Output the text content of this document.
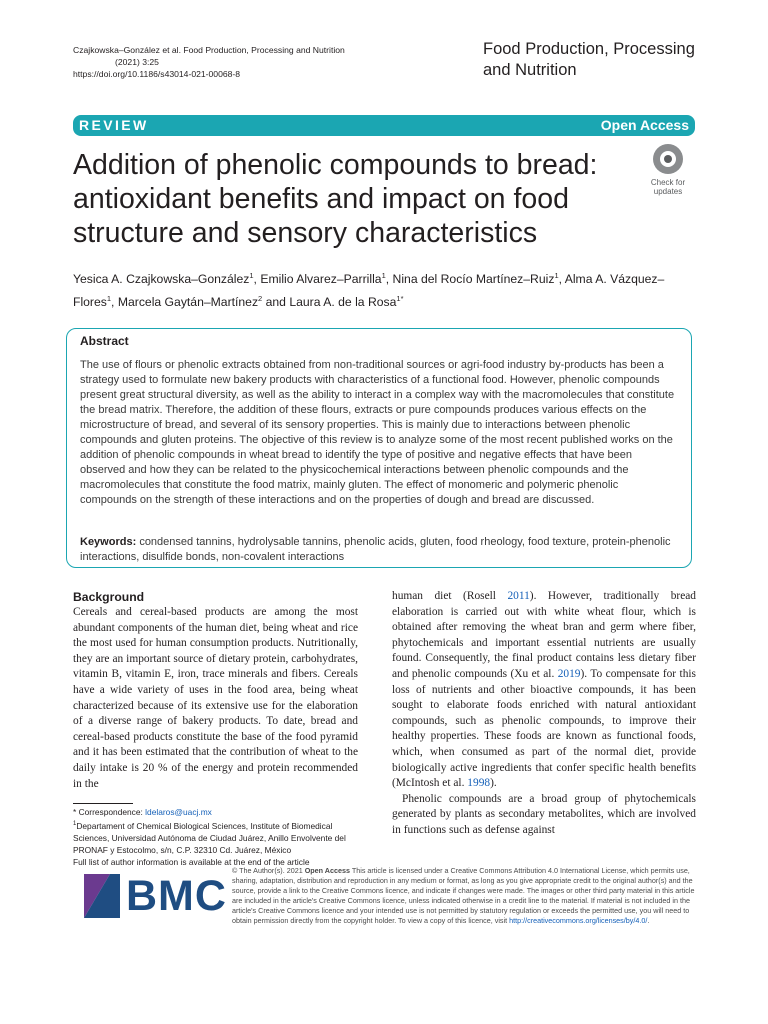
Czajkowska–González et al. Food Production, Processing and Nutrition
(2021) 3:25
https://doi.org/10.1186/s43014-021-00068-8
Food Production, Processing
and Nutrition
REVIEW	Open Access
Addition of phenolic compounds to bread: antioxidant benefits and impact on food structure and sensory characteristics
Check for
updates
Yesica A. Czajkowska–González$^1$, Emilio Alvarez–Parrilla$^1$, Nina del Rocío Martínez–Ruiz$^1$, Alma A. Vázquez–Flores$^1$, Marcela Gaytán–Martínez$^2$ and Laura A. de la Rosa$^{1*}$
Abstract
The use of flours or phenolic extracts obtained from non-traditional sources or agri-food industry by-products has been a strategy used to formulate new bakery products with characteristics of a functional food. However, phenolic compounds present great structural diversity, as well as the ability to interact in a complex way with the macromolecules that constitute the bread matrix. Therefore, the addition of these flours, extracts or pure compounds produces various effects on the microstructure of bread, and several of its sensory properties. This is mainly due to interactions between phenolic compounds and gluten proteins. The objective of this review is to analyze some of the most recent published works on the addition of phenolic compounds in wheat bread to identify the type of positive and negative effects that have been observed and how they can be related to the physicochemical interactions between phenolic compounds and the macromolecules that constitute the food matrix, mainly gluten. The effect of monomeric and polymeric phenolic compounds on the strength of these interactions and on the properties of dough and bread are discussed.
Keywords: condensed tannins, hydrolysable tannins, phenolic acids, gluten, food rheology, food texture, protein-phenolic interactions, disulfide bonds, non-covalent interactions
Background

Cereals and cereal-based products are among the most abundant components of the human diet, being wheat and rice the most used for human consumption products. Nutritionally, they are an important source of dietary protein, carbohydrates, vitamin B, vitamin E, iron, trace minerals and fibers. Cereals have a wide variety of uses in the food area, being wheat characterized because of its extensive use for the elaboration of a diverse range of bakery products. To date, bread and cereal-based products constitute the base of the food pyramid and it has been estimated that the contribution of wheat to the daily intake is 20 % of the energy and protein recommended in the

human diet (Rosell 2011). However, traditionally bread elaboration is carried out with white wheat flour, which is obtained after removing the wheat bran and germ where fiber, phytochemicals and important essential nutrients are usually found. Consequently, the final product contains less dietary fiber and phenolic compounds (Xu et al. 2019). To compensate for this loss of nutrients and other bioactive compounds, it has been sought to elaborate foods enriched with natural antioxidant compounds, such as phenolic compounds, to improve their healthy properties. These foods are known as functional foods, which, when consumed as part of the normal diet, provide biologically active ingredients that confer specific health benefits (McIntosh et al. 1998).

Phenolic compounds are a broad group of phytochemicals generated by plants as secondary metabolites, which are involved in functions such as defense against

* Correspondence: ldelaros@uacj.mx
$^1$Departament of Chemical Biological Sciences, Institute of Biomedical Sciences, Universidad Autónoma de Ciudad Juárez, Anillo Envolvente del PRONAF y Estocolmo, s/n, C.P. 32310 Cd. Juárez, México
Full list of author information is available at the end of the article
BMC
© The Author(s). 2021 Open Access This article is licensed under a Creative Commons Attribution 4.0 International License, which permits use, sharing, adaptation, distribution and reproduction in any medium or format, as long as you give appropriate credit to the original author(s) and the source, provide a link to the Creative Commons licence, and indicate if changes were made. The images or other third party material in this article are included in the article's Creative Commons licence, unless indicated otherwise in a credit line to the material. If material is not included in the article's Creative Commons licence and your intended use is not permitted by statutory regulation or exceeds the permitted use, you will need to obtain permission directly from the copyright holder. To view a copy of this licence, visit http://creativecommons.org/licenses/by/4.0/.
